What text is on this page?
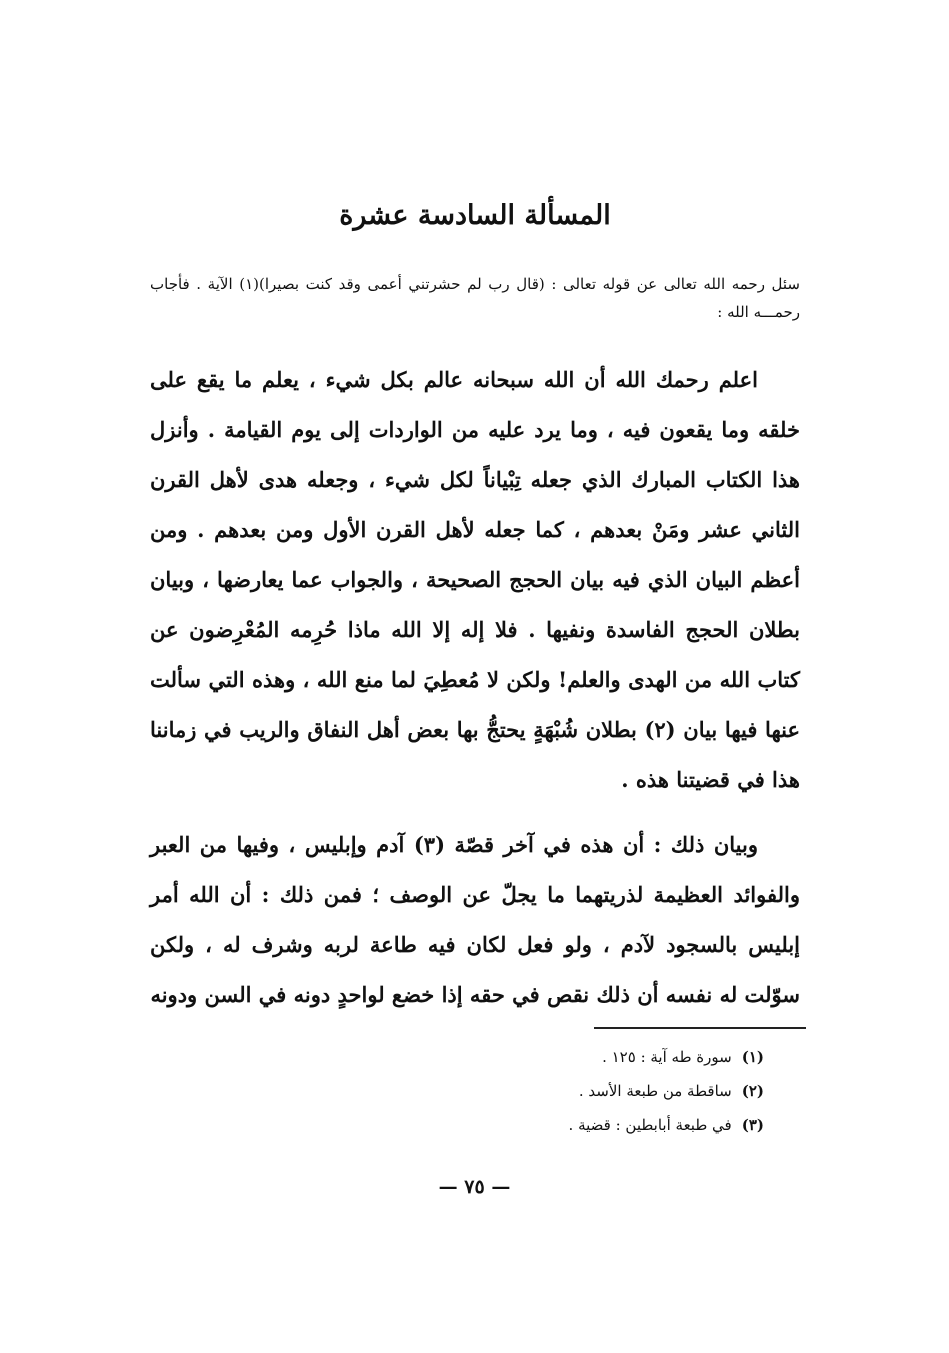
المسألة السادسة عشرة

سئل رحمه الله تعالى عن قوله تعالى : (قال رب لم حشرتني أعمى وقد كنت بصيرا)(١) الآية . فأجاب رحمـــه الله :

اعلم رحمك الله أن الله سبحانه عالم بكل شيء ، يعلم ما يقع على خلقه وما يقعون فيه ، وما يرد عليه من الواردات إلى يوم القيامة . وأنزل هذا الكتاب المبارك الذي جعله تِبْياناً لكل شيء ، وجعله هدى لأهل القرن الثاني عشر ومَنْ بعدهم ، كما جعله لأهل القرن الأول ومن بعدهم . ومن أعظم البيان الذي فيه بيان الحجج الصحيحة ، والجواب عما يعارضها ، وبيان بطلان الحجج الفاسدة ونفيها . فلا إله إلا الله ماذا حُرِمه المُعْرِضون عن كتاب الله من الهدى والعلم! ولكن لا مُعطِيَ لما منع الله ، وهذه التي سألت عنها فيها بيان (٢) بطلان شُبْهَةٍ يحتجُّ بها بعض أهل النفاق والريب في زماننا هذا في قضيتنا هذه .

وبيان ذلك : أن هذه في آخر قصّة (٣) آدم وإبليس ، وفيها من العبر والفوائد العظيمة لذريتهما ما يجلّ عن الوصف ؛ فمن ذلك : أن الله أمر إبليس بالسجود لآدم ، ولو فعل لكان فيه طاعة لربه وشرف له ، ولكن سوّلت له نفسه أن ذلك نقص في حقه إذا خضع لواحدٍ دونه في السن ودونه

(١)سورة طه آية : ١٢٥ .
(٢)ساقطة من طبعة الأسد .
(٣)في طبعة أبابطين : قضية .
— ٧٥ —
